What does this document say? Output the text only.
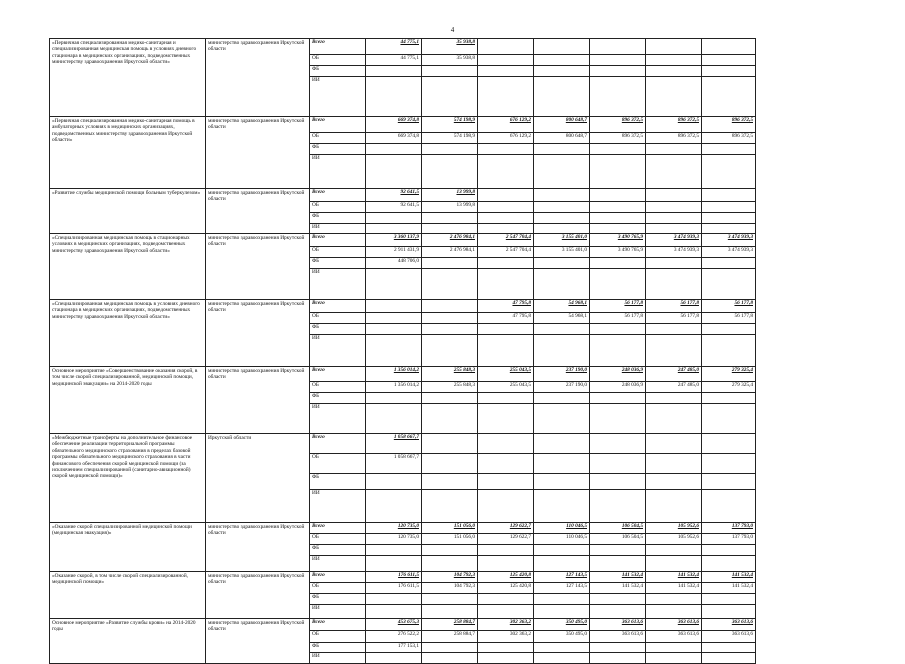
4
«Первичная специализированная медико-санитарная и специализированная медицинская помощь в условиях дневного стационара в медицинских организациях, подведомственных министерству здравоохранения Иркутской области»	министерство здравоохранения Иркутской области	Всего	44 775,1	35 938,8					
		ОБ	44 775,1	35 938,8					
		ФБ							
		ИИ							
«Первичная специализированная медико-санитарная помощь в амбулаторных условиях в медицинских организациях, подведомственных министерству здравоохранения Иркутской области»	министерство здравоохранения Иркутской области	Всего	669 374,8	574 198,9	676 129,2	800 648,7	896 372,5	896 372,5	896 372,5
		ОБ	669 374,8	574 198,9	676 129,2	800 648,7	896 372,5	896 372,5	896 372,5
		ФБ							
		ИИ							
«Развитие службы медицинской помощи больным туберкулезом»	министерство здравоохранения Иркутской области	Всего	92 641,5	13 999,8					
		ОБ	92 641,5	13 999,8					
		ФБ							
		ИИ							
«Специализированная медицинская помощь в стационарных условиях в медицинских организациях, подведомственных министерству здравоохранения Иркутской области»	министерство здравоохранения Иркутской области	Всего	3 360 137,9	2 476 984,1	2 547 704,4	3 155 401,0	3 490 765,9	3 474 939,3	3 474 939,3
		ОБ	2 911 431,9	2 476 984,1	2 547 704,4	3 155 401,0	3 490 765,9	3 474 939,3	3 474 939,3
		ФБ	448 706,0						
		ИИ							
«Специализированная медицинская помощь в условиях дневного стационара в медицинских организациях, подведомственных министерству здравоохранения Иркутской области»	министерство здравоохранения Иркутской области	Всего			47 795,8	54 968,1	56 177,8	56 177,8	56 177,8
		ОБ			47 795,8	54 968,1	56 177,8	56 177,8	56 177,8
		ФБ							
		ИИ							
Основное мероприятие «Совершенствование оказания скорой, в том числе скорой специализированной, медицинской помощи, медицинской эвакуации» на 2014-2020 годы	министерство здравоохранения Иркутской области	Всего	1 356 014,2	255 848,3	255 043,5	237 190,0	248 036,9	247 485,0	279 325,4
		ОБ	1 356 014,2	255 848,3	255 043,5	237 190,0	248 036,9	247 485,0	279 325,4
		ФБ							
		ИИ							
«Межбюджетные трансферты на дополнительное финансовое обеспечение реализации территориальной программы обязательного медицинского страхования в пределах базовой программы обязательного медицинского страхования в части финансового обеспечения скорой медицинской помощи (за исключением специализированной (санитарно-авиационной) скорой медицинской помощи)»	Иркутской области	Всего	1 058 667,7						
		ОБ	1 058 667,7						
		ФБ							
		ИИ							
«Оказание скорой специализированной медицинской помощи (медицинская эвакуация)»	министерство здравоохранения Иркутской области	Всего	120 735,0	151 056,0	129 622,7	110 046,5	106 504,5	105 952,6	137 793,0
		ОБ	120 735,0	151 056,0	129 622,7	110 046,5	106 504,5	105 952,6	137 793,0
		ФБ							
		ИИ							
«Оказание скорой, в том числе скорой специализированной, медицинской помощи»	министерство здравоохранения Иркутской области	Всего	176 611,5	104 792,3	125 420,8	127 143,5	141 532,4	141 532,4	141 532,4
		ОБ	176 611,5	104 792,3	125 420,8	127 143,5	141 532,4	141 532,4	141 532,4
		ФБ							
		ИИ							
Основное мероприятие «Развитие службы крови» на 2014-2020 годы	министерство здравоохранения Иркутской области	Всего	453 675,3	258 884,7	302 363,2	350 495,0	363 613,6	363 613,6	363 613,6
		ОБ	276 522,2	258 884,7	302 363,2	350 495,0	363 613,6	363 613,6	363 613,6
		ФБ	177 153,1						
		ИИ							
